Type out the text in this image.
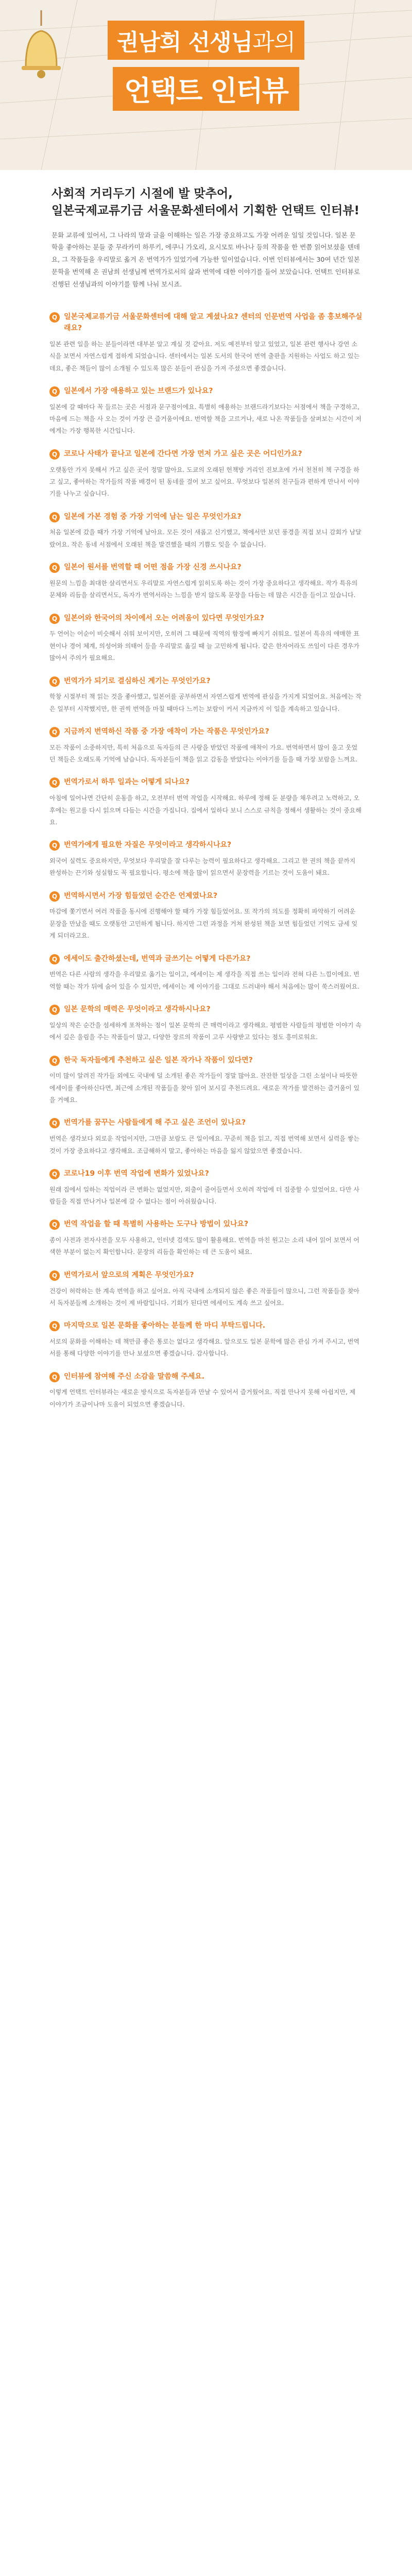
권남희 선생님과의
언택트 인터뷰
사회적 거리두기 시절에 발 맞추어,
일본국제교류기금 서울문화센터에서 기획한 언택트 인터뷰!
문화 교류에 있어서, 그 나라의 말과 글을 이해하는 일은 가장 중요하고도 가장 어려운 일일 것입니다. 일본 문학을 좋아하는 분들 중 무라카미 하루키, 에쿠니 가오리, 요시모토 바나나 등의 작품을 한 번쯤 읽어보셨을 텐데요, 그 작품들을 우리말로 옮겨 온 번역가가 있었기에 가능한 일이었습니다. 이번 인터뷰에서는 30여 년간 일본 문학을 번역해 온 권남희 선생님께 번역가로서의 삶과 번역에 대한 이야기를 들어 보았습니다. 언택트 인터뷰로 진행된 선생님과의 이야기를 함께 나눠 보시죠.
Q 일본국제교류기금 서울문화센터에 대해 알고 계셨나요? 센터의 인문번역 사업을 좀 홍보해주실래요?
일본 관련 일을 하는 분들이라면 대부분 알고 계실 것 같아요. 저도 예전부터 알고 있었고, 일본 관련 행사나 강연 소식을 보면서 자연스럽게 접하게 되었습니다. 센터에서는 일본 도서의 한국어 번역 출판을 지원하는 사업도 하고 있는데요, 좋은 책들이 많이 소개될 수 있도록 많은 분들이 관심을 가져 주셨으면 좋겠습니다.
Q 일본에서 가장 애용하고 있는 브랜드가 있나요?
일본에 갈 때마다 꼭 들르는 곳은 서점과 문구점이에요. 특별히 애용하는 브랜드라기보다는 서점에서 책을 구경하고, 마음에 드는 책을 사 오는 것이 가장 큰 즐거움이에요. 번역할 책을 고르거나, 새로 나온 작품들을 살펴보는 시간이 저에게는 가장 행복한 시간입니다.
Q 코로나 사태가 끝나고 일본에 간다면 가장 먼저 가고 싶은 곳은 어디인가요?
오랫동안 가지 못해서 가고 싶은 곳이 정말 많아요. 도쿄의 오래된 헌책방 거리인 진보초에 가서 천천히 책 구경을 하고 싶고, 좋아하는 작가들의 작품 배경이 된 동네를 걸어 보고 싶어요. 무엇보다 일본의 친구들과 편하게 만나서 이야기를 나누고 싶습니다.
Q 일본에 가본 경험 중 가장 기억에 남는 일은 무엇인가요?
처음 일본에 갔을 때가 가장 기억에 남아요. 모든 것이 새롭고 신기했고, 책에서만 보던 풍경을 직접 보니 감회가 남달랐어요. 작은 동네 서점에서 오래된 책을 발견했을 때의 기쁨도 잊을 수 없습니다.
Q 일본어 원서를 번역할 때 어떤 점을 가장 신경 쓰시나요?
원문의 느낌을 최대한 살리면서도 우리말로 자연스럽게 읽히도록 하는 것이 가장 중요하다고 생각해요. 작가 특유의 문체와 리듬을 살리면서도, 독자가 번역서라는 느낌을 받지 않도록 문장을 다듬는 데 많은 시간을 들이고 있습니다.
Q 일본어와 한국어의 차이에서 오는 어려움이 있다면 무엇인가요?
두 언어는 어순이 비슷해서 쉬워 보이지만, 오히려 그 때문에 직역의 함정에 빠지기 쉬워요. 일본어 특유의 애매한 표현이나 경어 체계, 의성어와 의태어 등을 우리말로 옮길 때 늘 고민하게 됩니다. 같은 한자어라도 쓰임이 다른 경우가 많아서 주의가 필요해요.
Q 번역가가 되기로 결심하신 계기는 무엇인가요?
학창 시절부터 책 읽는 것을 좋아했고, 일본어를 공부하면서 자연스럽게 번역에 관심을 가지게 되었어요. 처음에는 작은 일부터 시작했지만, 한 권씩 번역을 마칠 때마다 느끼는 보람이 커서 지금까지 이 일을 계속하고 있습니다.
Q 지금까지 번역하신 작품 중 가장 애착이 가는 작품은 무엇인가요?
모든 작품이 소중하지만, 특히 처음으로 독자들의 큰 사랑을 받았던 작품에 애착이 가요. 번역하면서 많이 울고 웃었던 책들은 오래도록 기억에 남습니다. 독자분들이 책을 읽고 감동을 받았다는 이야기를 들을 때 가장 보람을 느껴요.
Q 번역가로서 하루 일과는 어떻게 되나요?
아침에 일어나면 간단히 운동을 하고, 오전부터 번역 작업을 시작해요. 하루에 정해 둔 분량을 채우려고 노력하고, 오후에는 원고를 다시 읽으며 다듬는 시간을 가집니다. 집에서 일하다 보니 스스로 규칙을 정해서 생활하는 것이 중요해요.
Q 번역가에게 필요한 자질은 무엇이라고 생각하시나요?
외국어 실력도 중요하지만, 무엇보다 우리말을 잘 다루는 능력이 필요하다고 생각해요. 그리고 한 권의 책을 끝까지 완성하는 끈기와 성실함도 꼭 필요합니다. 평소에 책을 많이 읽으면서 문장력을 기르는 것이 도움이 돼요.
Q 번역하시면서 가장 힘들었던 순간은 언제였나요?
마감에 쫓기면서 여러 작품을 동시에 진행해야 할 때가 가장 힘들었어요. 또 작가의 의도를 정확히 파악하기 어려운 문장을 만났을 때도 오랫동안 고민하게 됩니다. 하지만 그런 과정을 거쳐 완성된 책을 보면 힘들었던 기억도 금세 잊게 되더라고요.
Q 에세이도 출간하셨는데, 번역과 글쓰기는 어떻게 다른가요?
번역은 다른 사람의 생각을 우리말로 옮기는 일이고, 에세이는 제 생각을 직접 쓰는 일이라 전혀 다른 느낌이에요. 번역할 때는 작가 뒤에 숨어 있을 수 있지만, 에세이는 제 이야기를 그대로 드러내야 해서 처음에는 많이 쑥스러웠어요.
Q 일본 문학의 매력은 무엇이라고 생각하시나요?
일상의 작은 순간을 섬세하게 포착하는 점이 일본 문학의 큰 매력이라고 생각해요. 평범한 사람들의 평범한 이야기 속에서 깊은 울림을 주는 작품들이 많고, 다양한 장르의 작품이 고루 사랑받고 있다는 점도 흥미로워요.
Q 한국 독자들에게 추천하고 싶은 일본 작가나 작품이 있다면?
이미 많이 알려진 작가들 외에도 국내에 덜 소개된 좋은 작가들이 정말 많아요. 잔잔한 일상을 그린 소설이나 따뜻한 에세이를 좋아하신다면, 최근에 소개된 작품들을 찾아 읽어 보시길 추천드려요. 새로운 작가를 발견하는 즐거움이 있을 거예요.
Q 번역가를 꿈꾸는 사람들에게 해 주고 싶은 조언이 있나요?
번역은 생각보다 외로운 작업이지만, 그만큼 보람도 큰 일이에요. 꾸준히 책을 읽고, 직접 번역해 보면서 실력을 쌓는 것이 가장 중요하다고 생각해요. 조급해하지 말고, 좋아하는 마음을 잃지 않았으면 좋겠습니다.
Q 코로나19 이후 번역 작업에 변화가 있었나요?
원래 집에서 일하는 직업이라 큰 변화는 없었지만, 외출이 줄어들면서 오히려 작업에 더 집중할 수 있었어요. 다만 사람들을 직접 만나거나 일본에 갈 수 없다는 점이 아쉬웠습니다.
Q 번역 작업을 할 때 특별히 사용하는 도구나 방법이 있나요?
종이 사전과 전자사전을 모두 사용하고, 인터넷 검색도 많이 활용해요. 번역을 마친 원고는 소리 내어 읽어 보면서 어색한 부분이 없는지 확인합니다. 문장의 리듬을 확인하는 데 큰 도움이 돼요.
Q 번역가로서 앞으로의 계획은 무엇인가요?
건강이 허락하는 한 계속 번역을 하고 싶어요. 아직 국내에 소개되지 않은 좋은 작품들이 많으니, 그런 작품들을 찾아서 독자분들께 소개하는 것이 제 바람입니다. 기회가 된다면 에세이도 계속 쓰고 싶어요.
Q 마지막으로 일본 문화를 좋아하는 분들께 한 마디 부탁드립니다.
서로의 문화를 이해하는 데 책만큼 좋은 통로는 없다고 생각해요. 앞으로도 일본 문학에 많은 관심 가져 주시고, 번역서를 통해 다양한 이야기를 만나 보셨으면 좋겠습니다. 감사합니다.
Q 인터뷰에 참여해 주신 소감을 말씀해 주세요.
이렇게 언택트 인터뷰라는 새로운 방식으로 독자분들과 만날 수 있어서 즐거웠어요. 직접 만나지 못해 아쉽지만, 제 이야기가 조금이나마 도움이 되었으면 좋겠습니다.
